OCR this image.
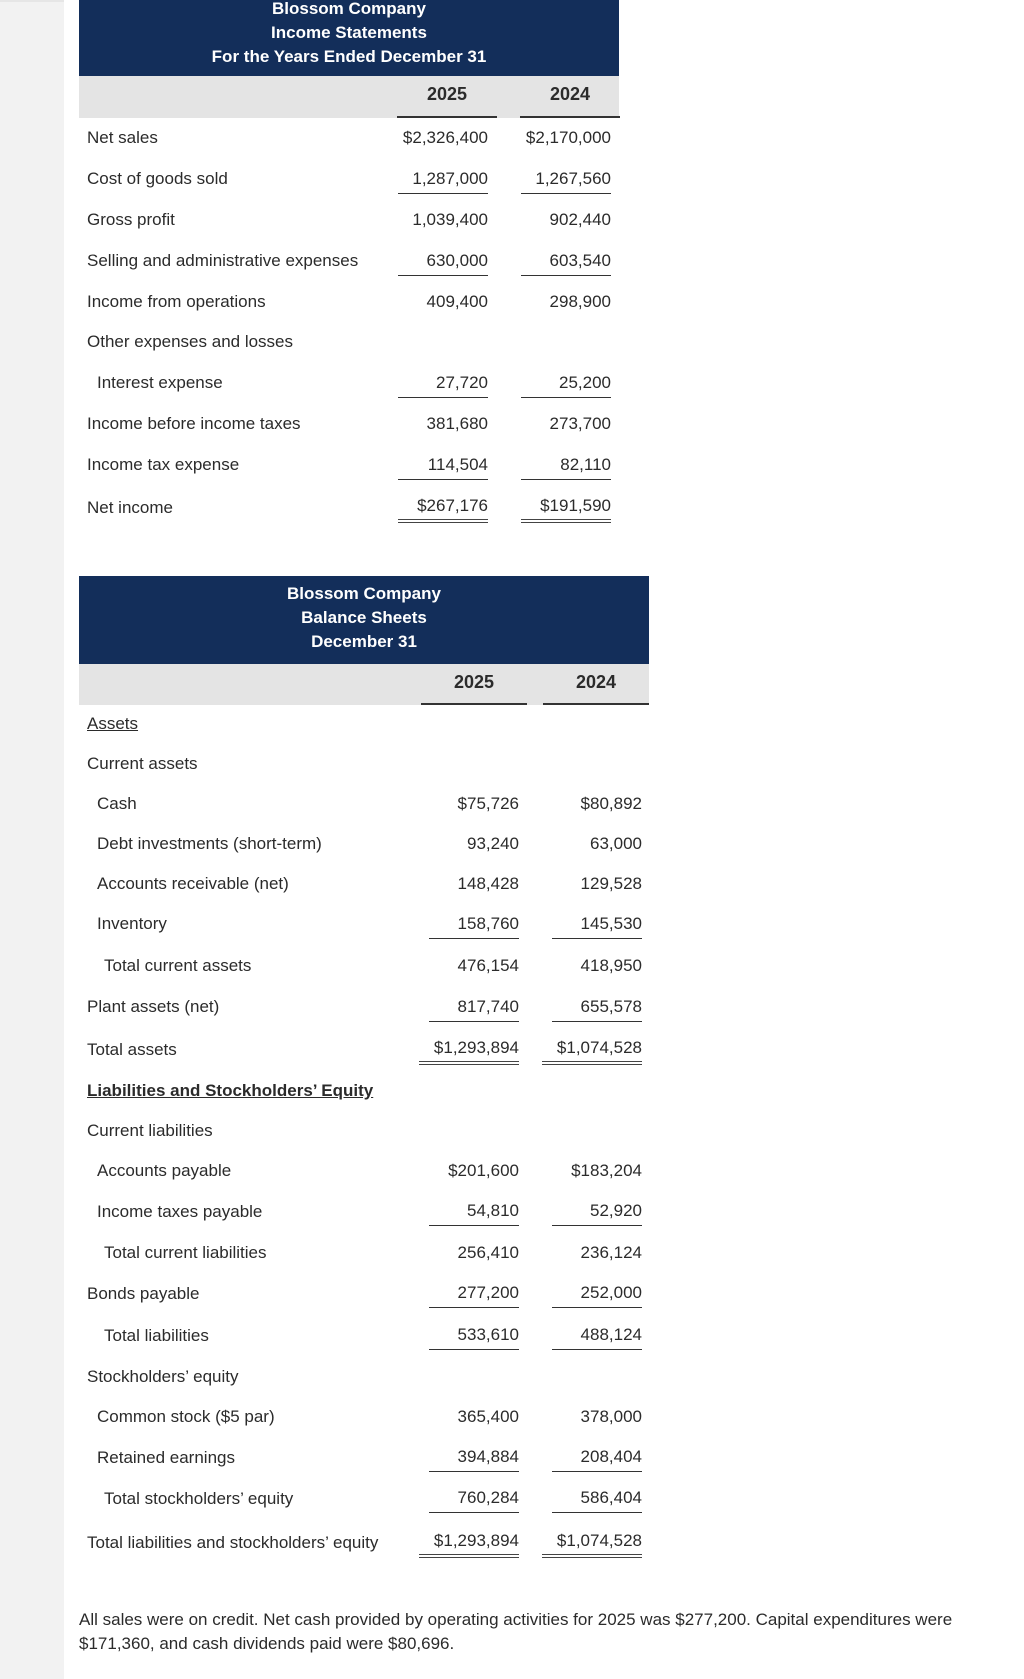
Blossom Company
Income Statements
For the Years Ended December 31
2025	2024
Net sales	$2,326,400 $2,170,000
Cost of goods sold	1,287,000	1,267,560
Gross profit	1,039,400	902,440
Selling and administrative expenses	630,000	603,540
Income from operations	409,400	298,900
Other expenses and losses
Interest expense	27,720	25,200
Income before income taxes	381,680	273,700
Income tax expense	114,504	82,110
Net income	$267,176	$191,590
Blossom Company
Balance Sheets
December 31
2025	2024
Assets
Current assets
Cash	$75,726	$80,892
Debt investments (short-term)	93,240	63,000
Accounts receivable (net)	148,428	129,528
Inventory	158,760	145,530
Total current assets	476,154	418,950
Plant assets (net)	817,740	655,578
Total assets	$1,293,894	$1,074,528
Liabilities and Stockholders’ Equity
Current liabilities
Accounts payable	$201,600	$183,204
Income taxes payable	54,810	52,920
Total current liabilities	256,410	236,124
Bonds payable	277,200	252,000
Total liabilities	533,610	488,124
Stockholders’ equity
Common stock ($5 par)	365,400	378,000
Retained earnings	394,884	208,404
Total stockholders’ equity	760,284	586,404
Total liabilities and stockholders’ equity	$1,293,894	$1,074,528
All sales were on credit. Net cash provided by operating activities for 2025 was $277,200. Capital expenditures were $171,360, and cash dividends paid were $80,696.
